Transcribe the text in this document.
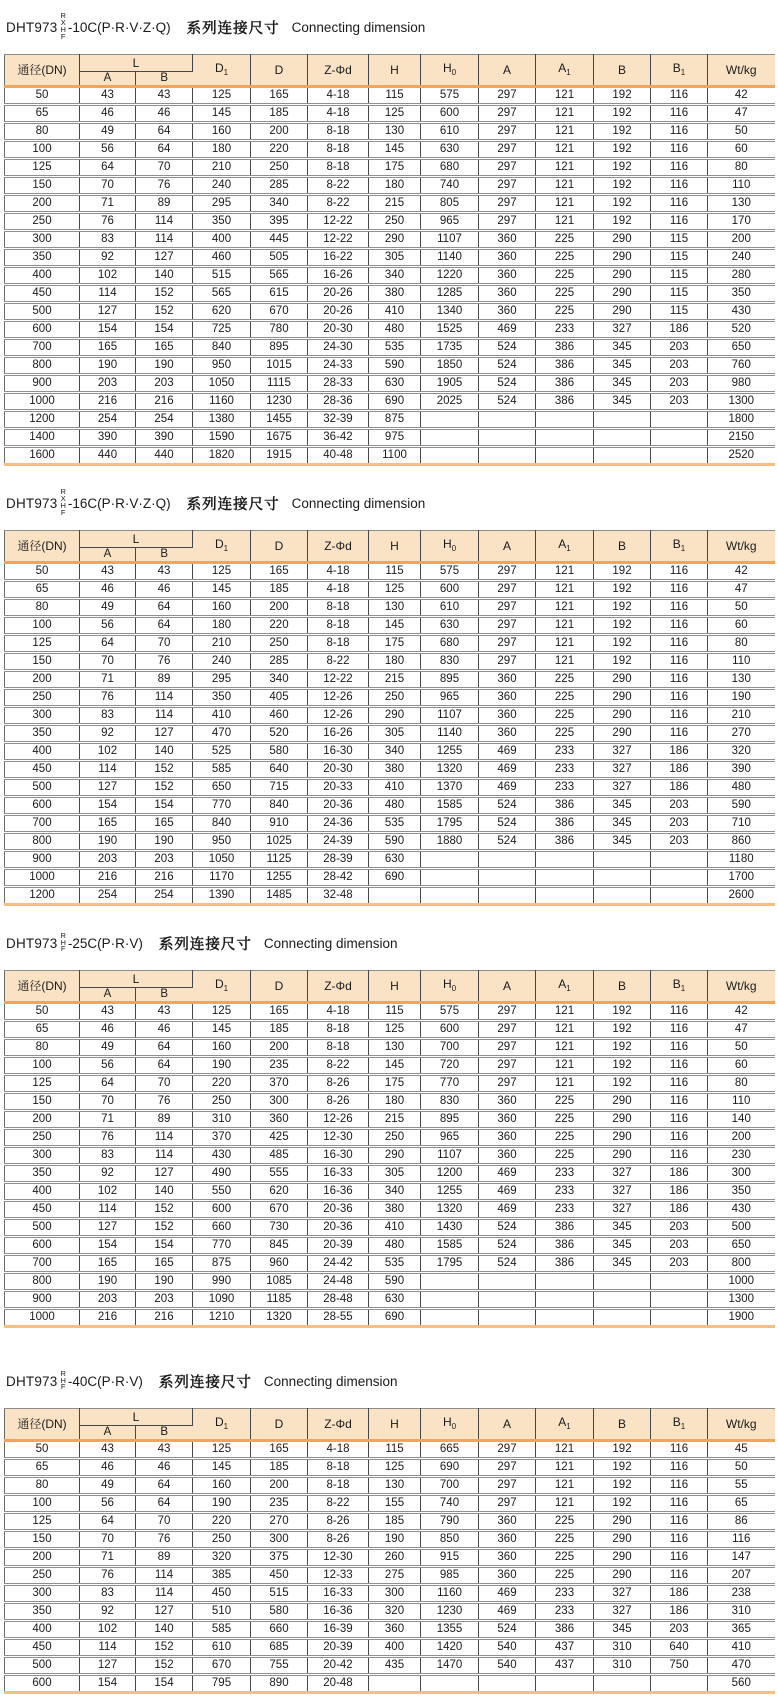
DHT973
R
X
H
F
-10C(P·R·V·Z·Q) 系列连接尺寸 Connecting dimension
通径(DN)	L		$D_1$	D	Z-Φd	H	$H_0$	A	$A_1$	B	$B_1$	Wt/kg
	A	B										
50	43	43	125	165	4-18	115	575	297	121	192	116	42
65	46	46	145	185	4-18	125	600	297	121	192	116	47
80	49	64	160	200	8-18	130	610	297	121	192	116	50
100	56	64	180	220	8-18	145	630	297	121	192	116	60
125	64	70	210	250	8-18	175	680	297	121	192	116	80
150	70	76	240	285	8-22	180	740	297	121	192	116	110
200	71	89	295	340	8-22	215	805	297	121	192	116	130
250	76	114	350	395	12-22	250	965	297	121	192	116	170
300	83	114	400	445	12-22	290	1107	360	225	290	115	200
350	92	127	460	505	16-22	305	1140	360	225	290	115	240
400	102	140	515	565	16-26	340	1220	360	225	290	115	280
450	114	152	565	615	20-26	380	1285	360	225	290	115	350
500	127	152	620	670	20-26	410	1340	360	225	290	115	430
600	154	154	725	780	20-30	480	1525	469	233	327	186	520
700	165	165	840	895	24-30	535	1735	524	386	345	203	650
800	190	190	950	1015	24-33	590	1850	524	386	345	203	760
900	203	203	1050	1115	28-33	630	1905	524	386	345	203	980
1000	216	216	1160	1230	28-36	690	2025	524	386	345	203	1300
1200	254	254	1380	1455	32-39	875						1800
1400	390	390	1590	1675	36-42	975						2150
1600	440	440	1820	1915	40-48	1100						2520
DHT973
R
X
H
F
-16C(P·R·V·Z·Q) 系列连接尺寸 Connecting dimension
通径(DN)	L		$D_1$	D	Z-Φd	H	$H_0$	A	$A_1$	B	$B_1$	Wt/kg
	A	B										
50	43	43	125	165	4-18	115	575	297	121	192	116	42
65	46	46	145	185	4-18	125	600	297	121	192	116	47
80	49	64	160	200	8-18	130	610	297	121	192	116	50
100	56	64	180	220	8-18	145	630	297	121	192	116	60
125	64	70	210	250	8-18	175	680	297	121	192	116	80
150	70	76	240	285	8-22	180	830	297	121	192	116	110
200	71	89	295	340	12-22	215	895	360	225	290	116	130
250	76	114	350	405	12-26	250	965	360	225	290	116	190
300	83	114	410	460	12-26	290	1107	360	225	290	116	210
350	92	127	470	520	16-26	305	1140	360	225	290	116	270
400	102	140	525	580	16-30	340	1255	469	233	327	186	320
450	114	152	585	640	20-30	380	1320	469	233	327	186	390
500	127	152	650	715	20-33	410	1370	469	233	327	186	480
600	154	154	770	840	20-36	480	1585	524	386	345	203	590
700	165	165	840	910	24-36	535	1795	524	386	345	203	710
800	190	190	950	1025	24-39	590	1880	524	386	345	203	860
900	203	203	1050	1125	28-39	630						1180
1000	216	216	1170	1255	28-42	690						1700
1200	254	254	1390	1485	32-48							2600
DHT973
R
H
F -25C(P·R·V) 系列连接尺寸 Connecting dimension
通径(DN)	L		$D_1$	D	Z-Φd	H	$H_0$	A	$A_1$	B	$B_1$	Wt/kg
	A	B										
50	43	43	125	165	4-18	115	575	297	121	192	116	42
65	46	46	145	185	8-18	125	600	297	121	192	116	47
80	49	64	160	200	8-18	130	700	297	121	192	116	50
100	56	64	190	235	8-22	145	720	297	121	192	116	60
125	64	70	220	370	8-26	175	770	297	121	192	116	80
150	70	76	250	300	8-26	180	830	360	225	290	116	110
200	71	89	310	360	12-26	215	895	360	225	290	116	140
250	76	114	370	425	12-30	250	965	360	225	290	116	200
300	83	114	430	485	16-30	290	1107	360	225	290	116	230
350	92	127	490	555	16-33	305	1200	469	233	327	186	300
400	102	140	550	620	16-36	340	1255	469	233	327	186	350
450	114	152	600	670	20-36	380	1320	469	233	327	186	430
500	127	152	660	730	20-36	410	1430	524	386	345	203	500
600	154	154	770	845	20-39	480	1585	524	386	345	203	650
700	165	165	875	960	24-42	535	1795	524	386	345	203	800
800	190	190	990	1085	24-48	590						1000
900	203	203	1090	1185	28-48	630						1300
1000	216	216	1210	1320	28-55	690						1900
DHT973
R
H
F -40C(P·R·V) 系列连接尺寸 Connecting dimension
通径(DN)	L		$D_1$	D	Z-Φd	H	$H_0$	A	$A_1$	B	$B_1$	Wt/kg
	A	B										
50	43	43	125	165	4-18	115	665	297	121	192	116	45
65	46	46	145	185	8-18	125	690	297	121	192	116	50
80	49	64	160	200	8-18	130	700	297	121	192	116	55
100	56	64	190	235	8-22	155	740	297	121	192	116	65
125	64	70	220	270	8-26	185	790	360	225	290	116	86
150	70	76	250	300	8-26	190	850	360	225	290	116	116
200	71	89	320	375	12-30	260	915	360	225	290	116	147
250	76	114	385	450	12-33	275	985	360	225	290	116	207
300	83	114	450	515	16-33	300	1160	469	233	327	186	238
350	92	127	510	580	16-36	320	1230	469	233	327	186	310
400	102	140	585	660	16-39	360	1355	524	386	345	203	365
450	114	152	610	685	20-39	400	1420	540	437	310	640	410
500	127	152	670	755	20-42	435	1470	540	437	310	750	470
600	154	154	795	890	20-48							560
